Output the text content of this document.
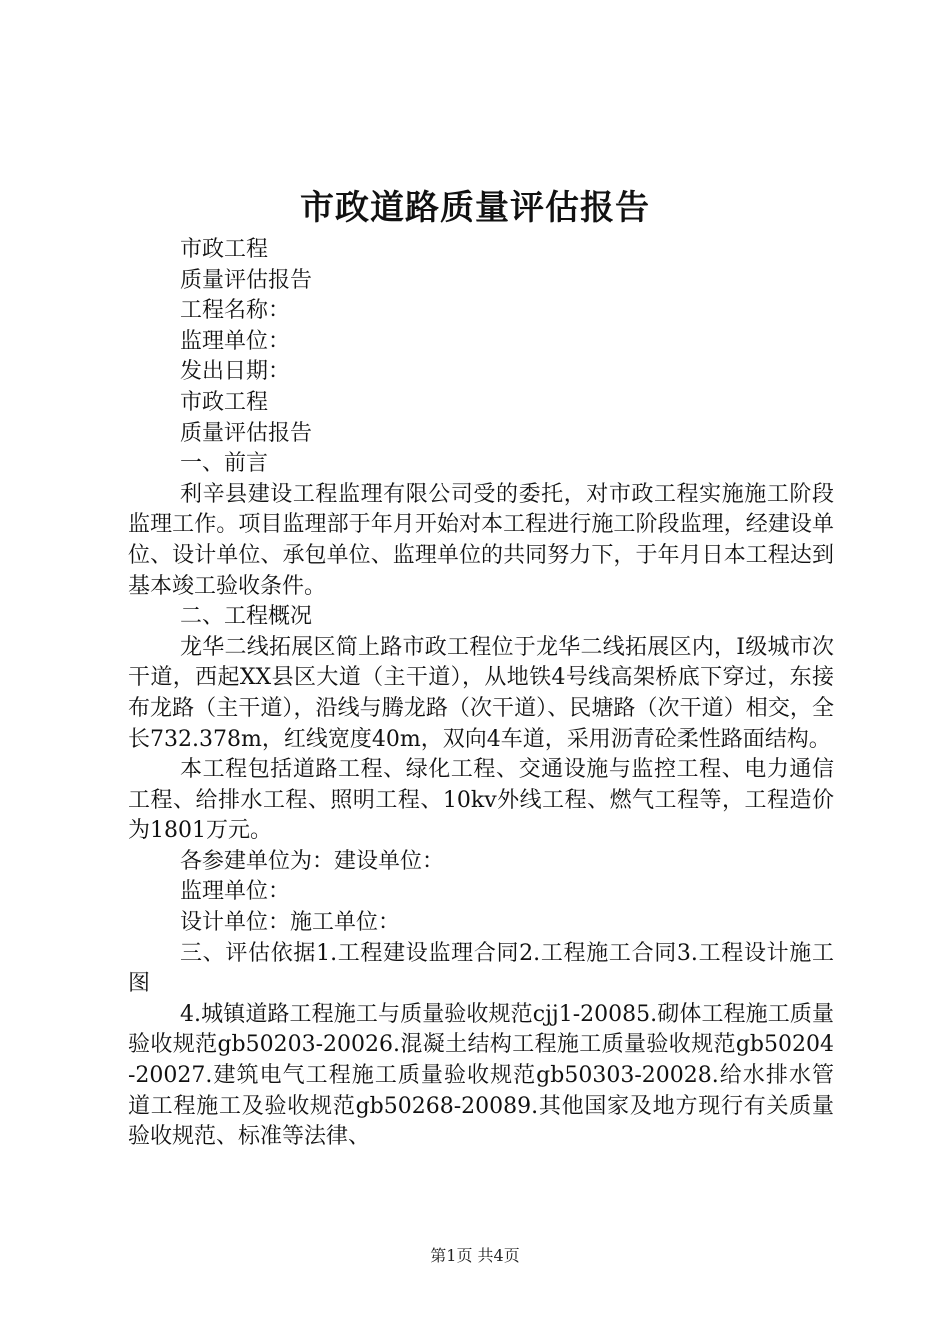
市政道路质量评估报告

市政工程

质量评估报告

工程名称：

监理单位：

发出日期：

市政工程

质量评估报告

一、前言

利辛县建设工程监理有限公司受的委托，对市政工程实施施工阶段监理工作。项目监理部于年月开始对本工程进行施工阶段监理，经建设单位、设计单位、承包单位、监理单位的共同努力下，于年月日本工程达到基本竣工验收条件。

二、工程概况

龙华二线拓展区简上路市政工程位于龙华二线拓展区内，Ⅰ级城市次干道，西起XX县区大道（主干道），从地铁4号线高架桥底下穿过，东接布龙路（主干道），沿线与腾龙路（次干道）、民塘路（次干道）相交，全长732.378m，红线宽度40m，双向4车道，采用沥青砼柔性路面结构。

本工程包括道路工程、绿化工程、交通设施与监控工程、电力通信工程、给排水工程、照明工程、10kv外线工程、燃气工程等，工程造价为1801万元。

各参建单位为：建设单位：

监理单位：

设计单位：施工单位：

三、评估依据1.工程建设监理合同2.工程施工合同3.工程设计施工图

4.城镇道路工程施工与质量验收规范cjj1-20085.砌体工程施工质量验收规范gb50203-20026.混凝土结构工程施工质量验收规范gb50204-20027.建筑电气工程施工质量验收规范gb50303-20028.给水排水管道工程施工及验收规范gb50268-20089.其他国家及地方现行有关质量验收规范、标准等法律、

第1页 共4页
